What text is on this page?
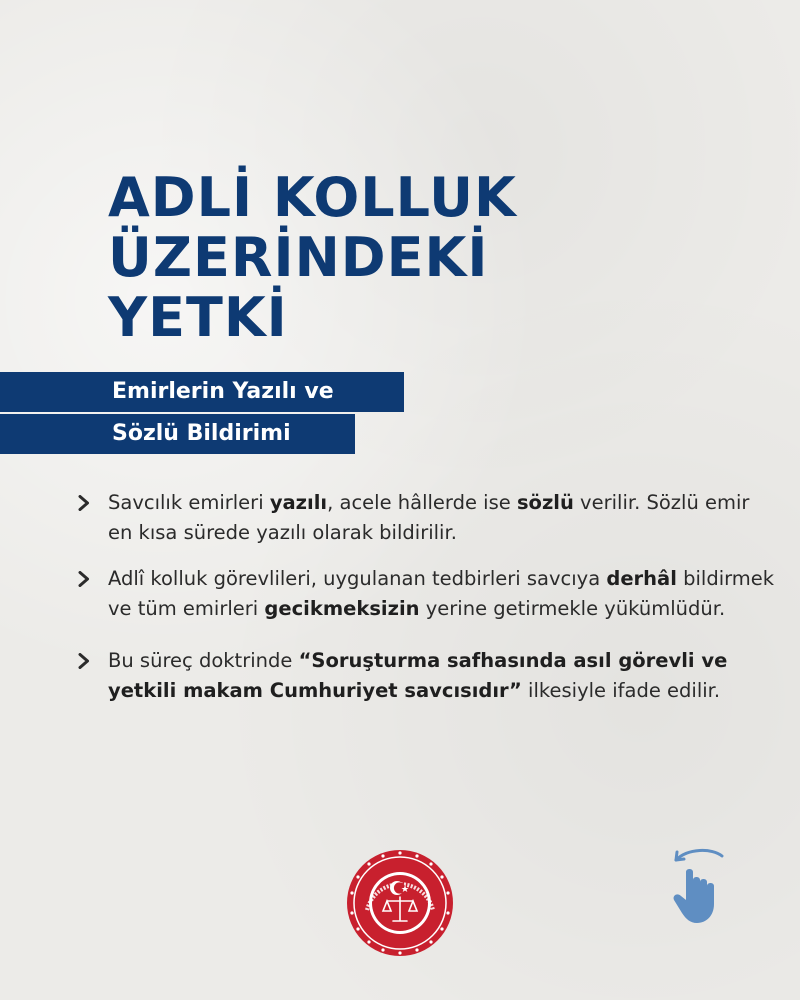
ADLİ KOLLUK
ÜZERİNDEKİ
YETKİ
Emirlerin Yazılı ve
Sözlü Bildirimi
Savcılık emirleri yazılı, acele hâllerde ise sözlü verilir. Sözlü emir en kısa sürede yazılı olarak bildirilir.
Adlî kolluk görevlileri, uygulanan tedbirleri savcıya derhâl bildirmek ve tüm emirleri gecikmeksizin yerine getirmekle yükümlüdür.
Bu süreç doktrinde “Soruşturma safhasında asıl görevli ve yetkili makam Cumhuriyet savcısıdır” ilkesiyle ifade edilir.
